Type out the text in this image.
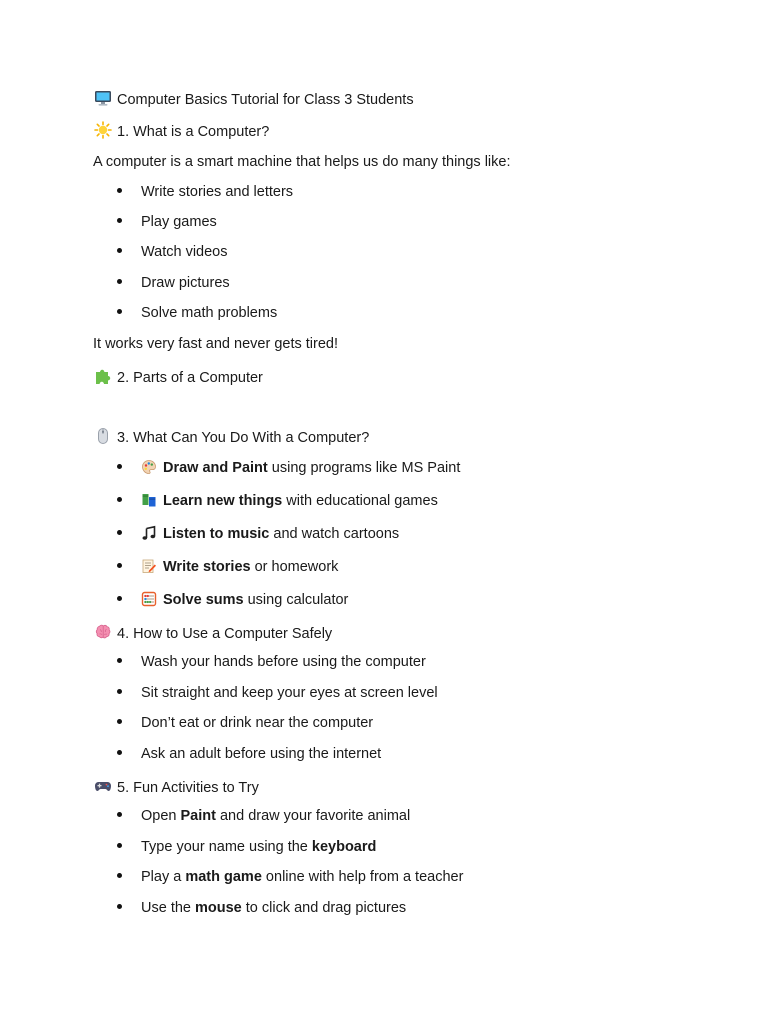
Computer Basics Tutorial for Class 3 Students
1. What is a Computer?
A computer is a smart machine that helps us do many things like:
Write stories and letters
Play games
Watch videos
Draw pictures
Solve math problems
It works very fast and never gets tired!
2. Parts of a Computer
3. What Can You Do With a Computer?
Draw and Paint using programs like MS Paint
Learn new things with educational games
Listen to music and watch cartoons
Write stories or homework
Solve sums using calculator
4. How to Use a Computer Safely
Wash your hands before using the computer
Sit straight and keep your eyes at screen level
Don’t eat or drink near the computer
Ask an adult before using the internet
5. Fun Activities to Try
Open Paint and draw your favorite animal
Type your name using the keyboard
Play a math game online with help from a teacher
Use the mouse to click and drag pictures
